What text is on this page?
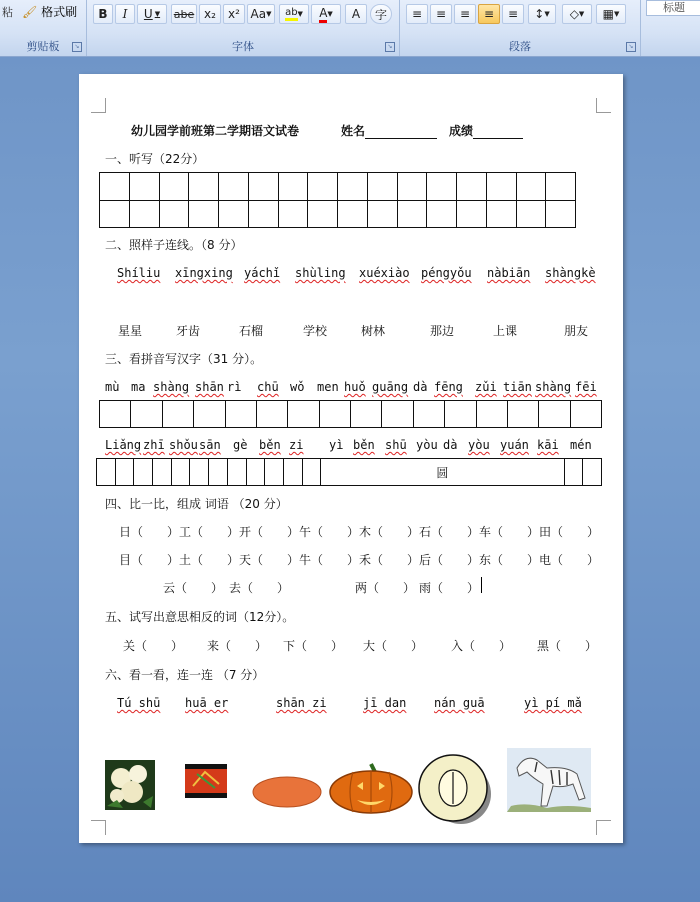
粘 🖌 格式刷
剪贴板	↘
B I U ▼ abe x₂ x² Aa ▼ ab ▼ A ▼ A 字
字体	↘
≡ ≡ ≡ ≡ ≡ ↕ ▼ ◇ ▼ ▦ ▼
段落	↘
标题
幼儿园学前班第二学期语文试卷	姓名	成绩
一、听写（22分）

二、照样子连线。（8 分）
Shíliu xīngxing yáchǐ shùling xuéxiào péngyǒu nàbiān shàngkè
星星	牙齿	石榴	学校	树林	那边	上课	朋友
三、看拼音写汉字（31 分）。
mù ma shàng shān rì chū wǒ men huǒ guāng dà fēng zǔi tiān shàng fēi

Liǎng zhī shǒu sān gè běn zi yì běn shū yòu dà yòu yuán kāi mén
												圆		
四、比一比，组成 词语 （20 分）
日（　　） 工（　　） 开（　　） 午（　　） 木（　　） 石（　　） 车（　　） 田（　　）
目（　　） 土（　　） 天（　　） 牛（　　） 禾（　　） 后（　　） 东（　　） 电（　　）
云（　　） 去（　　）	两（　　） 雨（　　）
五、试写出意思相反的词（12分）。
关（　　） 来（　　） 下（　　） 大（　　） 入（　　） 黑（　　）
六、看一看，连一连 （7 分）
Tú shū huā er	shān zi	jī dan nán guā	yì pí mǎ
